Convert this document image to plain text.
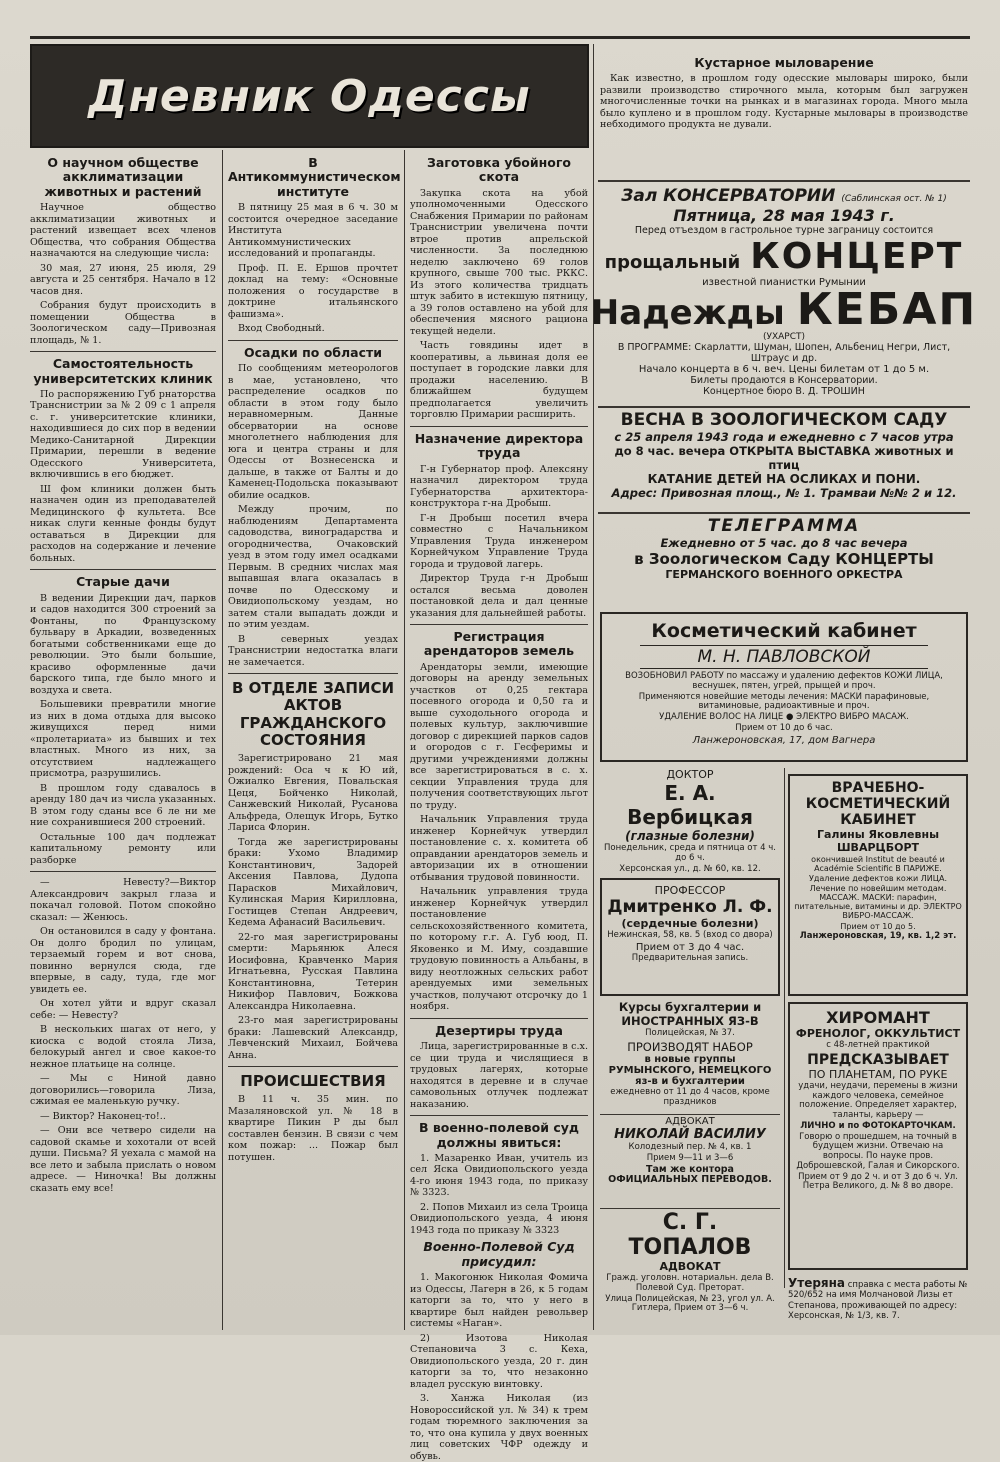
Дневник Одессы
О научном обществе акклиматизации животных и растений

Научное общество акклиматизации животных и растений извещает всех членов Общества, что собрания Общества назначаются на следующие числа:

30 мая, 27 июня, 25 июля, 29 августа и 25 сентября. Начало в 12 часов дня.

Собрания будут происходить в помещении Общества в Зоологическом саду—Привозная площадь, № 1.

Самостоятельность университетских клиник

По распоряжению Губ рнаторства Транснистрии за № 2 09 с 1 апреля с. г. университетские клиники, находившиеся до сих пор в ведении Медико-Санитарной Дирекции Примарии, перешли в ведение Одесского Университета, включившись в его бюджет.

Ш фом клиники должен быть назначен один из преподавателей Медицинского ф культета. Все никак слуги кенные фонды будут оставаться в Дирекции для расходов на содержание и лечение больных.

Старые дачи

В ведении Дирекции дач, парков и садов находится 300 строений за Фонтаны, по Французскому бульвару в Аркадии, возведенных богатыми собственниками еще до революции. Это были большие, красиво оформленные дачи барского типа, где было много и воздуха и света.

Большевики превратили многие из них в дома отдыха для высоко живущихся перед ними «пролетариата» из бывших и тех властных. Много из них, за отсутствием надлежащего присмотра, разрушились.

В прошлом году сдавалось в аренду 180 дач из числа указанных. В этом году сданы все 6 ле ни ме ние сохранившиеся 200 строений.

Остальные 100 дач подлежат капитальному ремонту или разборке

— Невесту?—Виктор Александрович закрыл глаза и покачал головой. Потом спокойно сказал: — Женюсь.

Он остановился в саду у фонтана. Он долго бродил по улицам, терзаемый горем и вот снова, повинно вернулся сюда, где впервые, в саду, туда, где мог увидеть ее.

Он хотел уйти и вдруг сказал себе: — Невесту?

В нескольких шагах от него, у киоска с водой стояла Лиза, белокурый ангел и свое какое-то нежное платьице на солнце.

— Мы с Ниной давно договорились—говорила Лиза, сжимая ее маленькую ручку.

— Виктор? Наконец-то!..

— Они все четверо сидели на садовой скамье и хохотали от всей души. Письма? Я уехала с мамой на все лето и забыла прислать о новом адресе. — Ниночка! Вы должны сказать ему все!

В Антикоммунистическом институте

В пятницу 25 мая в 6 ч. 30 м состоится очередное заседание Института Антикоммунистических исследований и пропаганды.

Проф. П. Е. Ершов прочтет доклад на тему: «Основные положения о государстве в доктрине итальянского фашизма».

Вход Свободный.

Осадки по области

По сообщениям метеорологов в мае, установлено, что распределение осадков по области в этом году было неравномерным. Данные обсерватории на основе многолетнего наблюдения для юга и центра страны и для Одессы от Вознесенска и дальше, в также от Балты и до Каменец-Подольска показывают обилие осадков.

Между прочим, по наблюдениям Департамента садоводства, виноградарства и огородничества, Очаковский уезд в этом году имел осадками Первым. В средних числах мая выпавшая влага оказалась в почве по Одесскому и Овидиопольскому уездам, но затем стали выпадать дожди и по этим уездам.

В северных уездах Транснистрии недостатка влаги не замечается.

В ОТДЕЛЕ ЗАПИСИ АКТОВ ГРАЖДАНСКОГО СОСТОЯНИЯ

Зарегистрировано 21 мая рождений: Оса ч к Ю ий, Ожиалко Евгения, Повальская Цеця, Бойченко Николай, Санжевский Николай, Русанова Альфреда, Олещук Игорь, Бутко Лариса Флорин.

Тогда же зарегистрированы браки: Ухомо Владимир Константинович, Задорей Аксения Павлова, Дудопа Парасков Михайлович, Кулинская Мария Кирилловна, Гостищев Степан Андреевич, Кедема Афанасий Васильевич.

22-го мая зарегистрированы смерти: Марьянюк Алеся Иосифовна, Кравченко Мария Игнатьевна, Русская Павлина Константиновна, Тетерин Никифор Павлович, Божкова Александра Николаевна.

23-го мая зарегистрированы браки: Лашевский Александр, Левченский Михаил, Бойчева Анна.

ПРОИСШЕСТВИЯ

В 11 ч. 35 мин. по Мазаляновской ул. № 18 в квартире Пикин Р ды был составлен бензин. В связи с чем ком пожар: ... Пожар был потушен.

Заготовка убойного скота

Закупка скота на убой уполномоченными Одесского Снабжения Примарии по районам Транснистрии увеличена почти втрое против апрельской численности. За последнюю неделю заключено 69 голов крупного, свыше 700 тыс. РККС. Из этого количества тридцать штук забито в истекшую пятницу, а 39 голов оставлено на убой для обеспечения мясного рациона текущей недели.

Часть говядины идет в кооперативы, а львиная доля ее поступает в городские лавки для продажи населению. В ближайшем будущем предполагается увеличить торговлю Примарии расширить.

Назначение директора труда

Г-н Губернатор проф. Алексяну назначил директором труда Губернаторства архитектора-конструктора г-на Дробыш.

Г-н Дробыш посетил вчера совместно с Начальником Управления Труда инженером Корнейчуком Управление Труда города и трудовой лагерь.

Директор Труда г-н Дробыш остался весьма доволен постановкой дела и дал ценные указания для дальнейшей работы.

Регистрация арендаторов земель

Арендаторы земли, имеющие договоры на аренду земельных участков от 0,25 гектара посевного огорода и 0,50 га и выше суходольного огорода и полевых культур, заключившие договор с дирекцией парков садов и огородов с г. Гесферимы и другими учреждениями должны все зарегистрироваться в с. х. секции Управления труда для получения соответствующих льгот по труду.

Начальник Управления труда инженер Корнейчук утвердил постановление с. х. комитета об оправдании арендаторов земель и авторизации их в отношении отбывания трудовой повинности.

Начальник управления труда инженер Корнейчук утвердил постановление сельскохозяйственного комитета, по которому г.г. А. Губ юод, П. Яковенко и М. Иму, создавшие трудовую повинность а Альбаны, в виду неотложных сельских работ арендуемых ими земельных участков, получают отсрочку до 1 ноября.

Дезертиры труда

Лица, зарегистрированные в с.х. се ции труда и числящиеся в трудовых лагерях, которые находятся в деревне и в случае самовольных отлучек подлежат наказанию.

В военно-полевой суд должны явиться:

1. Мазаренко Иван, учитель из сел Яска Овидиопольского уезда 4-го июня 1943 года, по приказу № 3323.

2. Попов Михаил из села Троица Овидиопольского уезда, 4 июня 1943 года по приказу № 3323

Военно-Полевой Суд присудил:

1. Макогонюк Николая Фомича из Одессы, Лагерн в 26, к 5 годам каторги за то, что у него в квартире был найден револьвер системы «Наган».

2) Изотова Николая Степановича 3 с. Кеха, Овидиопольского уезда, 20 г. дин каторги за то, что незаконно владел русскую винтовку.

3. Ханжа Николая (из Новороссийской ул. № 34) к трем годам тюремного заключения за то, что она купила у двух военных лиц советских ЧФР одежду и обувь.

Кустарное мыловарение

Как известно, в прошлом году одесские мыловары широко, были развили производство стирочного мыла, которым был загружен многочисленные точки на рынках и в магазинах города. Много мыла было куплено и в прошлом году. Кустарные мыловары в производстве небходимого продукта не дували.

Зал КОНСЕРВАТОРИИ (Саблинская ост. № 1)
Пятница, 28 мая 1943 г.
Перед отъездом в гастрольное турне заграницу состоится
прощальный КОНЦЕРТ
известной пианистки Румынии
Надежды КЕБАП
(УХАРСТ)
В ПРОГРАММЕ: Скарлатти, Шуман, Шопен, Альбениц Негри, Лист, Штраус и др.
Начало концерта в 6 ч. веч. Цены билетам от 1 до 5 м.
Билеты продаются в Консерватории.
Концертное бюро В. Д. ТРОШИН
ВЕСНА В ЗООЛОГИЧЕСКОМ САДУ
с 25 апреля 1943 года и ежедневно с 7 часов утра
до 8 час. вечера ОТКРЫТА ВЫСТАВКА животных и птиц
КАТАНИЕ ДЕТЕЙ НА ОСЛИКАХ И ПОНИ.
Адрес: Привозная площ., № 1. Трамваи №№ 2 и 12.
ТЕЛЕГРАММА
Ежедневно от 5 час. до 8 час вечера
в Зоологическом Саду КОНЦЕРТЫ
ГЕРМАНСКОГО ВОЕННОГО ОРКЕСТРА
Косметический кабинет
М. Н. ПАВЛОВСКОЙ
ВОЗОБНОВИЛ РАБОТУ по массажу и удалению дефектов КОЖИ ЛИЦА, веснушек, пятен, угрей, прыщей и проч.
Применяются новейшие методы лечения: МАСКИ парафиновые, витаминовые, радиоактивные и проч.
УДАЛЕНИЕ ВОЛОС НА ЛИЦЕ ● ЭЛЕКТРО ВИБРО МАСАЖ.
Прием от 10 до 6 час.
Ланжероновская, 17, дом Вагнера
ДОКТОР
Е. А. Вербицкая
(глазные болезни)
Понедельник, среда и пятница от 4 ч. до 6 ч.
Херсонская ул., д. № 60, кв. 12.
ПРОФЕССОР
Дмитренко Л. Ф.
(сердечные болезни)
Нежинская, 58, кв. 5 (вход со двора)
Прием от 3 до 4 час.
Предварительная запись.
Курсы бухгалтерии и ИНОСТРАННЫХ ЯЗ-В
Полицейская, № 37.
ПРОИЗВОДЯТ НАБОР
в новые группы РУМЫНСКОГО, НЕМЕЦКОГО яз-в и бухгалтерии
ежедневно от 11 до 4 часов, кроме праздников
АДВОКАТ
НИКОЛАЙ ВАСИЛИУ
Колодезный пер. № 4, кв. 1
Прием 9—11 и 3—6
Там же контора ОФИЦИАЛЬНЫХ ПЕРЕВОДОВ.
С. Г. ТОПАЛОВ
АДВОКАТ
Гражд. уголовн. нотариальн. дела В. Полевой Суд. Преторат.
Улица Полицейская, № 23, угол ул. А. Гитлера, Прием от 3—6 ч.
ВРАЧЕБНО-КОСМЕТИЧЕСКИЙ КАБИНЕТ
Галины Яковлевны ШВАРЦБОРТ
окончившей Institut de beauté и Académie Scientific В ПАРИЖЕ. Удаление дефектов кожи ЛИЦА.
Лечение по новейшим методам. МАССАЖ. МАСКИ: парафин, питательные, витамины и др. ЭЛЕКТРО ВИБРО-МАССАЖ.
Прием от 10 до 5.
Ланжероновская, 19, кв. 1,2 эт.
ХИРОМАНТ
ФРЕНОЛОГ, ОККУЛЬТИСТ
с 48-летней практикой
ПРЕДСКАЗЫВАЕТ
ПО ПЛАНЕТАМ, ПО РУКЕ
удачи, неудачи, перемены в жизни каждого человека, семейное положение. Определяет характер, таланты, карьеру —
ЛИЧНО и по ФОТОКАРТОЧКАМ.
Говорю о прошедшем, на точный в будущем жизни. Отвечаю на вопросы. По науке пров. Доброшевской, Галая и Сикорского.
Прием от 9 до 2 ч. и от 3 до 6 ч. Ул. Петра Великого, д. № 8 во дворе.
Утеряна справка с места работы № 520/652 на имя Молчановой Лизы ет Степанова, проживающей по адресу: Херсонская, № 1/3, кв. 7.
